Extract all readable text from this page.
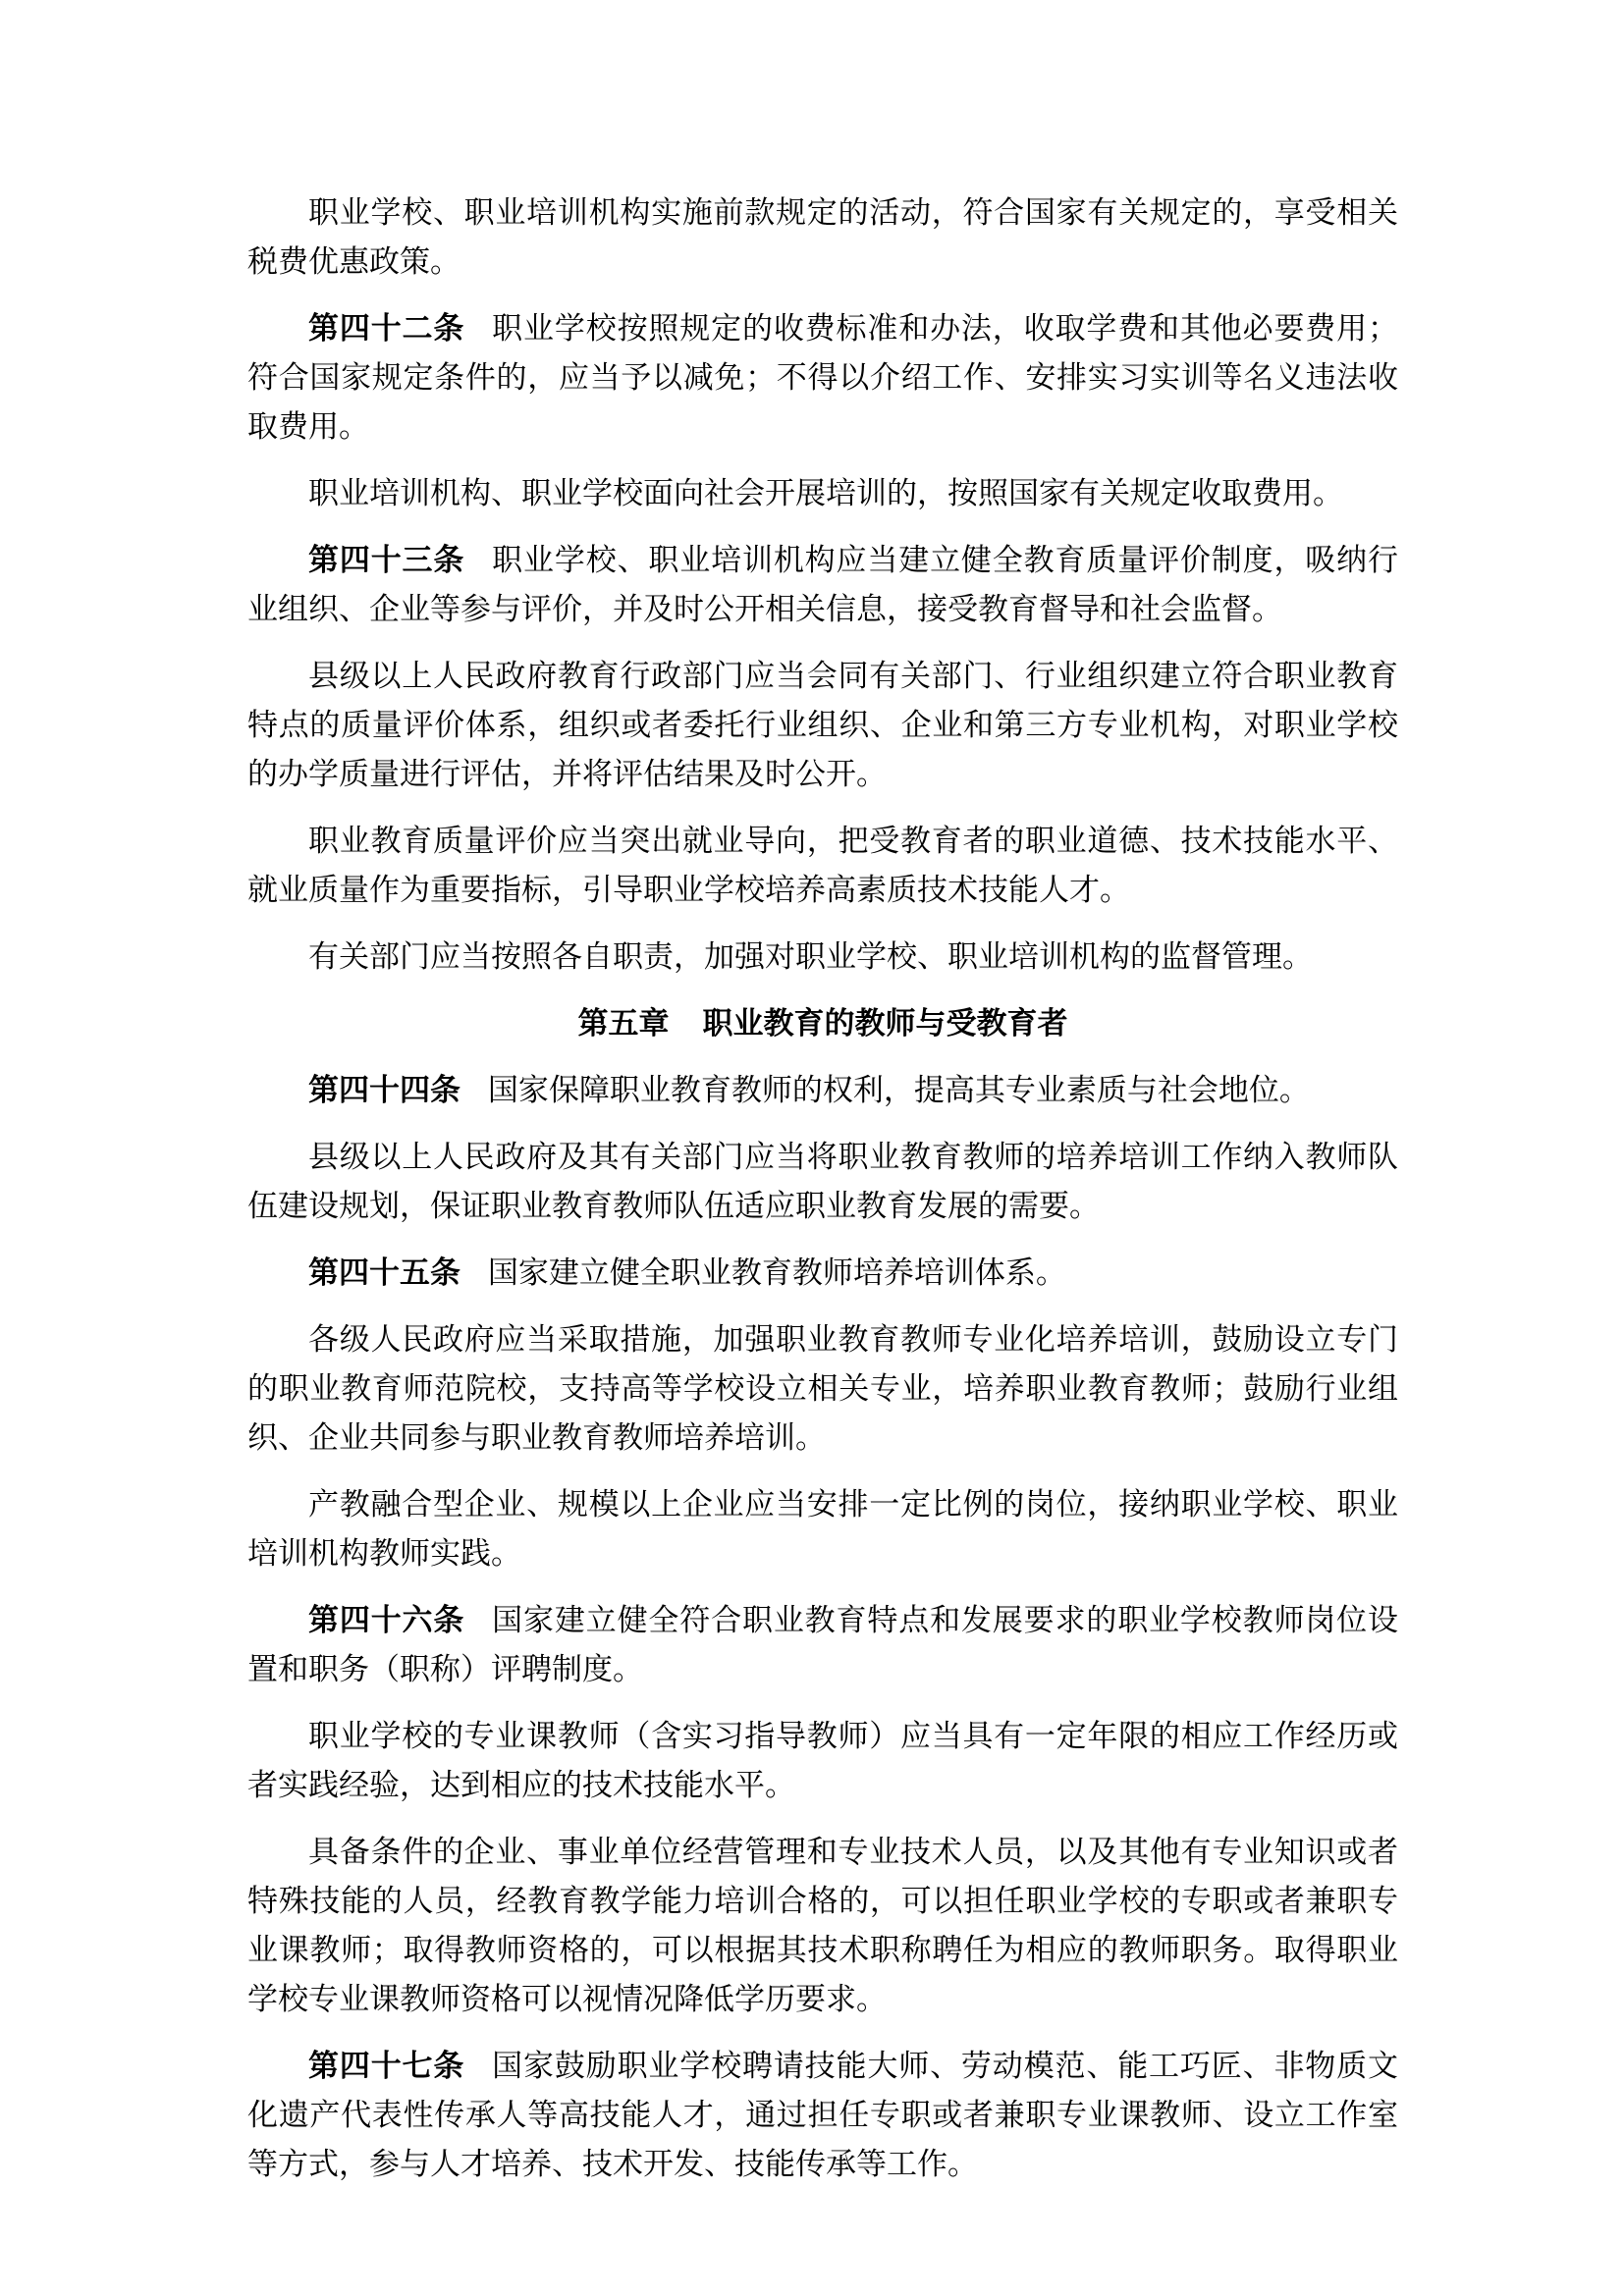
职业学校、职业培训机构实施前款规定的活动，符合国家有关规定的，享受相关税费优惠政策。

第四十二条 职业学校按照规定的收费标准和办法，收取学费和其他必要费用；符合国家规定条件的，应当予以减免；不得以介绍工作、安排实习实训等名义违法收取费用。

职业培训机构、职业学校面向社会开展培训的，按照国家有关规定收取费用。

第四十三条 职业学校、职业培训机构应当建立健全教育质量评价制度，吸纳行业组织、企业等参与评价，并及时公开相关信息，接受教育督导和社会监督。

县级以上人民政府教育行政部门应当会同有关部门、行业组织建立符合职业教育特点的质量评价体系，组织或者委托行业组织、企业和第三方专业机构，对职业学校的办学质量进行评估，并将评估结果及时公开。

职业教育质量评价应当突出就业导向，把受教育者的职业道德、技术技能水平、就业质量作为重要指标，引导职业学校培养高素质技术技能人才。

有关部门应当按照各自职责，加强对职业学校、职业培训机构的监督管理。

第五章 职业教育的教师与受教育者

第四十四条 国家保障职业教育教师的权利，提高其专业素质与社会地位。

县级以上人民政府及其有关部门应当将职业教育教师的培养培训工作纳入教师队伍建设规划，保证职业教育教师队伍适应职业教育发展的需要。

第四十五条 国家建立健全职业教育教师培养培训体系。

各级人民政府应当采取措施，加强职业教育教师专业化培养培训，鼓励设立专门的职业教育师范院校，支持高等学校设立相关专业，培养职业教育教师；鼓励行业组织、企业共同参与职业教育教师培养培训。

产教融合型企业、规模以上企业应当安排一定比例的岗位，接纳职业学校、职业培训机构教师实践。

第四十六条 国家建立健全符合职业教育特点和发展要求的职业学校教师岗位设置和职务（职称）评聘制度。

职业学校的专业课教师（含实习指导教师）应当具有一定年限的相应工作经历或者实践经验，达到相应的技术技能水平。

具备条件的企业、事业单位经营管理和专业技术人员，以及其他有专业知识或者特殊技能的人员，经教育教学能力培训合格的，可以担任职业学校的专职或者兼职专业课教师；取得教师资格的，可以根据其技术职称聘任为相应的教师职务。取得职业学校专业课教师资格可以视情况降低学历要求。

第四十七条 国家鼓励职业学校聘请技能大师、劳动模范、能工巧匠、非物质文化遗产代表性传承人等高技能人才，通过担任专职或者兼职专业课教师、设立工作室等方式，参与人才培养、技术开发、技能传承等工作。
